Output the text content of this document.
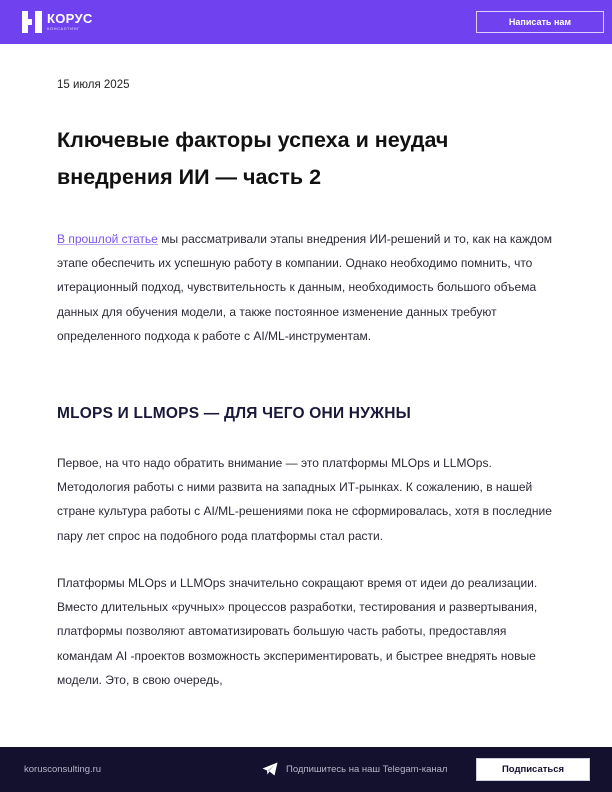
КОРУС
КОНСАЛТИНГ
Написать нам
15 июля 2025
Ключевые факторы успеха и неудач внедрения ИИ — часть 2

В прошлой статье мы рассматривали этапы внедрения ИИ-решений и то, как на каждом этапе обеспечить их успешную работу в компании. Однако необходимо помнить, что итерационный подход, чувствительность к данным, необходимость большого объема данных для обучения модели, а также постоянное изменение данных требуют определенного подхода к работе с AI/ML-инструментам.

MLOPS И LLMOPS — ДЛЯ ЧЕГО ОНИ НУЖНЫ

Первое, на что надо обратить внимание — это платформы MLOps и LLMOps. Методология работы с ними развита на западных ИТ-рынках. К сожалению, в нашей стране культура работы с AI/ML-решениями пока не сформировалась, хотя в последние пару лет спрос на подобного рода платформы стал расти.

Платформы MLOps и LLMOps значительно сокращают время от идеи до реализации. Вместо длительных «ручных» процессов разработки, тестирования и развертывания, платформы позволяют автоматизировать большую часть работы, предоставляя командам AI -проектов возможность экспериментировать, и быстрее внедрять новые модели. Это, в свою очередь,

korusconsulting.ru	Подпишитесь на наш Telegam-канал	Подписаться
